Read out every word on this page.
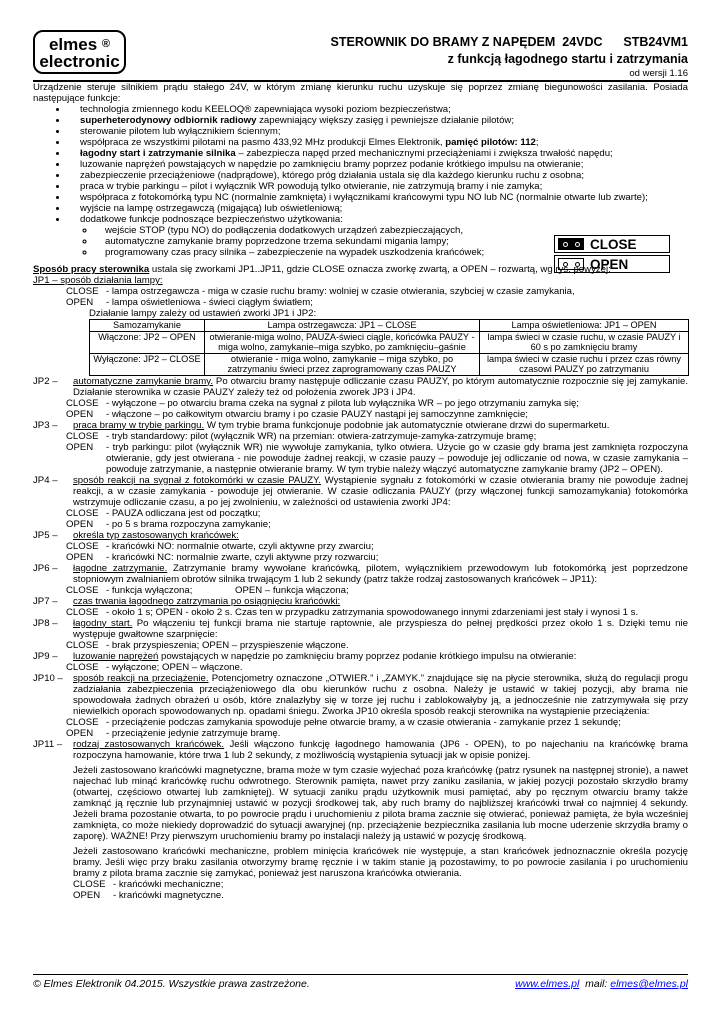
elmes ®
electronic
STEROWNIK DO BRAMY Z NAPĘDEM  24VDC      STB24VM1
z funkcją łagodnego startu i zatrzymania
od wersji 1.16
CLOSE
OPEN

Urządzenie steruje silnikiem prądu stałego 24V, w którym zmianę kierunku ruchu uzyskuje się poprzez zmianę biegunowości zasilania. Posiada następujące funkcje:

• technologia zmiennego kodu KEELOQ® zapewniająca wysoki poziom bezpieczeństwa;
• superheterodynowy odbiornik radiowy zapewniający większy zasięg i pewniejsze działanie pilotów;
• sterowanie pilotem lub wyłącznikiem ściennym;
• współpraca ze wszystkimi pilotami na pasmo 433,92 MHz produkcji Elmes Elektronik, pamięć pilotów: 112;
• łagodny start i zatrzymanie silnika – zabezpiecza napęd przed mechanicznymi przeciążeniami i zwiększa trwałość napędu;
• luzowanie naprężeń powstających w napędzie po zamknięciu bramy poprzez podanie krótkiego impulsu na otwieranie;
• zabezpieczenie przeciążeniowe (nadprądowe), którego próg działania ustala się dla każdego kierunku ruchu z osobna;
• praca w trybie parkingu – pilot i wyłącznik WR powodują tylko otwieranie, nie zatrzymują bramy i nie zamyka;
• współpraca z fotokomórką typu NC (normalnie zamknięta) i wyłącznikami krańcowymi typu NO lub NC (normalnie otwarte lub zwarte);
• wyjście na lampę ostrzegawczą (migającą) lub oświetleniową;
• dodatkowe funkcje podnoszące bezpieczeństwo użytkowania:
◦ wejście STOP (typu NO) do podłączenia dodatkowych urządzeń zabezpieczających,
◦ automatyczne zamykanie bramy poprzedzone trzema sekundami migania lampy;
◦ programowany czas pracy silnika – zabezpieczenie na wypadek uszkodzenia krańcówek;

Sposób pracy sterownika ustala się zworkami JP1..JP11, gdzie CLOSE oznacza zworkę zwartą, a OPEN – rozwartą, wg rys. powyżej:

JP1 – sposób działania lampy:

CLOSE - lampa ostrzegawcza - miga w czasie ruchu bramy: wolniej w czasie otwierania, szybciej w czasie zamykania,
OPEN	- lampa oświetleniowa - świeci ciągłym światłem;

Działanie lampy zależy od ustawień zworki JP1 i JP2:

Samozamykanie	Lampa ostrzegawcza: JP1 – CLOSE	Lampa oświetleniowa: JP1 – OPEN
Włączone: JP2 – OPEN	otwieranie-miga wolno, PAUZA-świeci ciągle, końcówka PAUZY - miga wolno, zamykanie–miga szybko, po zamknięciu–gaśnie	lampa świeci w czasie ruchu, w czasie PAUZY i 60 s po zamknięciu bramy
Wyłączone: JP2 – CLOSE	otwieranie - miga wolno, zamykanie – miga szybko, po zatrzymaniu świeci przez zaprogramowany czas PAUZY	lampa świeci w czasie ruchu i przez czas równy czasowi PAUZY po zatrzymaniu
JP2 –	automatyczne zamykanie bramy. Po otwarciu bramy następuje odliczanie czasu PAUZY, po którym automatycznie rozpocznie się jej zamykanie. Działanie sterownika w czasie PAUZY zależy też od położenia zworek JP3 i JP4.
CLOSE - wyłączone – po otwarciu brama czeka na sygnał z pilota lub wyłącznika WR – po jego otrzymaniu zamyka się;
OPEN	- włączone – po całkowitym otwarciu bramy i po czasie PAUZY nastąpi jej samoczynne zamknięcie;
JP3 –	praca bramy w trybie parkingu. W tym trybie brama funkcjonuje podobnie jak automatycznie otwierane drzwi do supermarketu.
CLOSE - tryb standardowy: pilot (wyłącznik WR) na przemian: otwiera-zatrzymuje-zamyka-zatrzymuje bramę;
OPEN	- tryb parkingu: pilot (wyłącznik WR) nie wywołuje zamykania, tylko otwiera. Użycie go w czasie gdy brama jest zamknięta rozpoczyna otwieranie, gdy jest otwierana - nie powoduje żadnej reakcji, w czasie pauzy – powoduje jej odliczanie od nowa, w czasie zamykania – powoduje zatrzymanie, a następnie otwieranie bramy. W tym trybie należy włączyć automatyczne zamykanie bramy (JP2 – OPEN).
JP4 –	sposób reakcji na sygnał z fotokomórki w czasie PAUZY. Wystąpienie sygnału z fotokomórki w czasie otwierania bramy nie powoduje żadnej reakcji, a w czasie zamykania - powoduje jej otwieranie. W czasie odliczania PAUZY (przy włączonej funkcji samozamykania) fotokomórka wstrzymuje odliczanie czasu, a po jej zwolnieniu, w zależności od ustawienia zworki JP4:
CLOSE - PAUZA odliczana jest od początku;
OPEN	- po 5 s brama rozpoczyna zamykanie;
JP5 –	określa typ zastosowanych krańcówek:
CLOSE - krańcówki NO: normalnie otwarte, czyli aktywne przy zwarciu;
OPEN	- krańcówki NC: normalnie zwarte, czyli aktywne przy rozwarciu;
JP6 –	łagodne zatrzymanie. Zatrzymanie bramy wywołane krańcówką, pilotem, wyłącznikiem przewodowym lub fotokomórką jest poprzedzone stopniowym zwalnianiem obrotów silnika trwającym 1 lub 2 sekundy (patrz także rodzaj zastosowanych krańcówek – JP11):
CLOSE - funkcja wyłączona;                OPEN – funkcja włączona;
JP7 –	czas trwania łagodnego zatrzymania po osiągnięciu krańcówki:
CLOSE - około 1 s; OPEN - około 2 s. Czas ten w przypadku zatrzymania spowodowanego innymi zdarzeniami jest stały i wynosi 1 s.
JP8 –	łagodny start. Po włączeniu tej funkcji brama nie startuje raptownie, ale przyspiesza do pełnej prędkości przez około 1 s. Dzięki temu nie występuje gwałtowne szarpnięcie:
CLOSE - brak przyspieszenia; OPEN – przyspieszenie włączone.
JP9 –	luzowanie naprężeń powstających w napędzie po zamknięciu bramy poprzez podanie krótkiego impulsu na otwieranie:
CLOSE - wyłączone; OPEN – włączone.
JP10 –	sposób reakcji na przeciążenie. Potencjometry oznaczone „OTWIER.” i „ZAMYK.” znajdujące się na płycie sterownika, służą do regulacji progu zadziałania zabezpieczenia przeciążeniowego dla obu kierunków ruchu z osobna. Należy je ustawić w takiej pozycji, aby brama nie spowodowała żadnych obrażeń u osób, które znalazłyby się w torze jej ruchu i zablokowałyby ją, a jednocześnie nie zatrzymywała się przy niewielkich oporach spowodowanych np. opadami śniegu. Zworka JP10 określa sposób reakcji sterownika na wystąpienie przeciążenia:
CLOSE - przeciążenie podczas zamykania spowoduje pełne otwarcie bramy, a w czasie otwierania - zamykanie przez 1 sekundę;
OPEN	- przeciążenie jedynie zatrzymuje bramę.
JP11 –	rodzaj zastosowanych krańcówek. Jeśli włączono funkcję łagodnego hamowania (JP6 - OPEN), to po najechaniu na krańcówkę brama rozpoczyna hamowanie, które trwa 1 lub 2 sekundy, z możliwością wystąpienia sytuacji jak w opisie poniżej.

Jeżeli zastosowano krańcówki magnetyczne, brama może w tym czasie wyjechać poza krańcówkę (patrz rysunek na następnej stronie), a nawet najechać lub minąć krańcówkę ruchu odwrotnego. Sterownik pamięta, nawet przy zaniku zasilania, w jakiej pozycji pozostało skrzydło bramy (otwartej, częściowo otwartej lub zamkniętej). W sytuacji zaniku prądu użytkownik musi pamiętać, aby po ręcznym otwarciu bramy także zamknąć ją ręcznie lub przynajmniej ustawić w pozycji środkowej tak, aby ruch bramy do najbliższej krańcówki trwał co najmniej 4 sekundy. Jeżeli brama pozostanie otwarta, to po powrocie prądu i uruchomieniu z pilota brama zacznie się otwierać, ponieważ pamięta, że była wcześniej zamknięta, co może niekiedy doprowadzić do sytuacji awaryjnej (np. przeciążenie bezpiecznika zasilania lub mocne uderzenie skrzydła bramy o zaporę). WAŻNE! Przy pierwszym uruchomieniu bramy po instalacji należy ją ustawić w pozycję środkową.

Jeżeli zastosowano krańcówki mechaniczne, problem minięcia krańcówek nie występuje, a stan krańcówek jednoznacznie określa pozycję bramy. Jeśli więc przy braku zasilania otworzymy bramę ręcznie i w takim stanie ją pozostawimy, to po powrocie zasilania i po uruchomieniu bramy z pilota brama zacznie się zamykać, ponieważ jest naruszona krańcówka otwierania.

CLOSE - krańcówki mechaniczne;
OPEN	- krańcówki magnetyczne.
© Elmes Elektronik 04.2015. Wszystkie prawa zastrzeżone.	www.elmes.pl mail: elmes@elmes.pl
